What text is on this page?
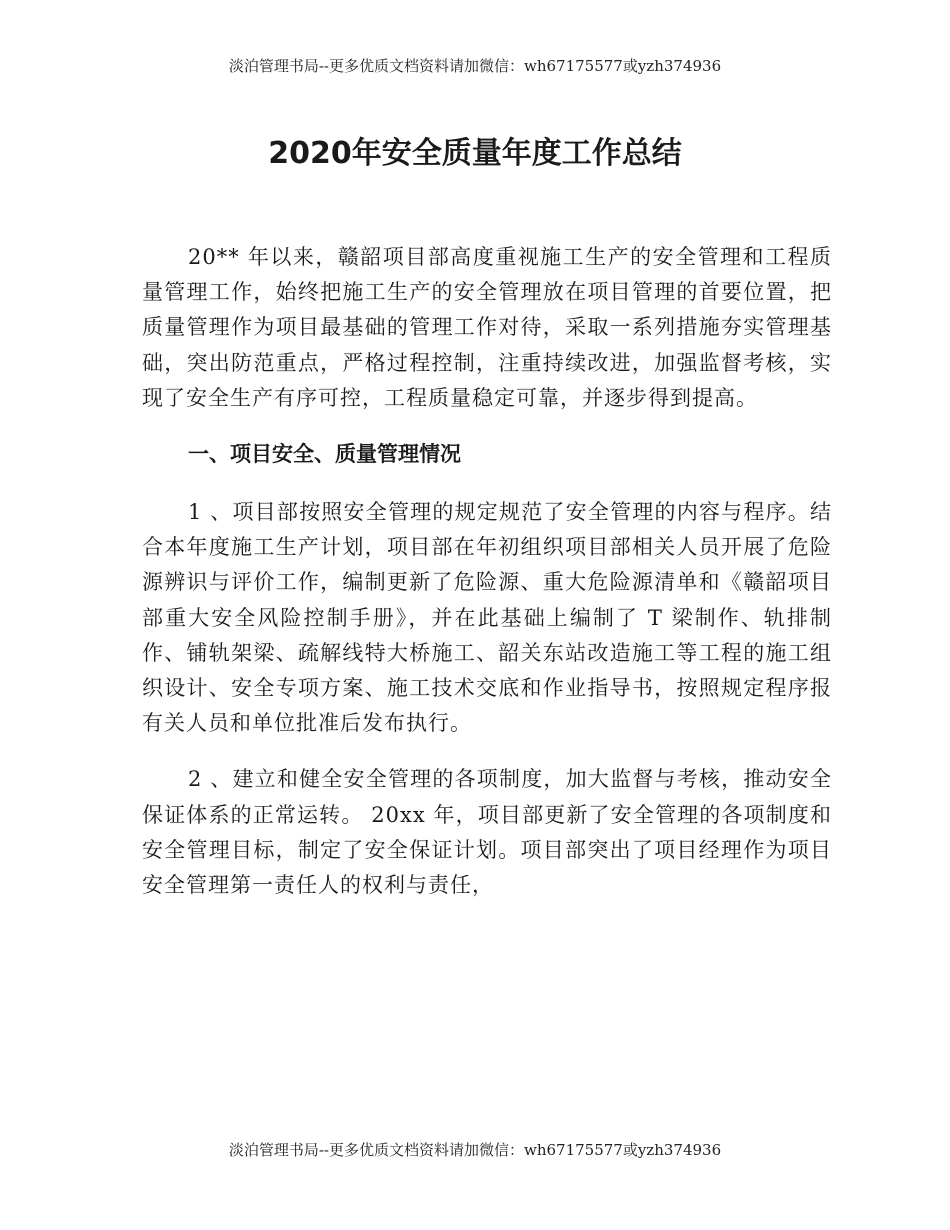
淡泊管理书局--更多优质文档资料请加微信：wh67175577或yzh374936
2020年安全质量年度工作总结

20** 年以来，赣韶项目部高度重视施工生产的安全管理和工程质量管理工作，始终把施工生产的安全管理放在项目管理的首要位置，把质量管理作为项目最基础的管理工作对待，采取一系列措施夯实管理基础，突出防范重点，严格过程控制，注重持续改进，加强监督考核，实现了安全生产有序可控，工程质量稳定可靠，并逐步得到提高。

一、项目安全、质量管理情况

1 、项目部按照安全管理的规定规范了安全管理的内容与程序。结合本年度施工生产计划，项目部在年初组织项目部相关人员开展了危险源辨识与评价工作，编制更新了危险源、重大危险源清单和《赣韶项目部重大安全风险控制手册》，并在此基础上编制了 T 梁制作、轨排制作、铺轨架梁、疏解线特大桥施工、韶关东站改造施工等工程的施工组织设计、安全专项方案、施工技术交底和作业指导书，按照规定程序报有关人员和单位批准后发布执行。

2 、建立和健全安全管理的各项制度，加大监督与考核，推动安全保证体系的正常运转。 20xx 年，项目部更新了安全管理的各项制度和安全管理目标，制定了安全保证计划。项目部突出了项目经理作为项目安全管理第一责任人的权利与责任，

淡泊管理书局--更多优质文档资料请加微信：wh67175577或yzh374936
